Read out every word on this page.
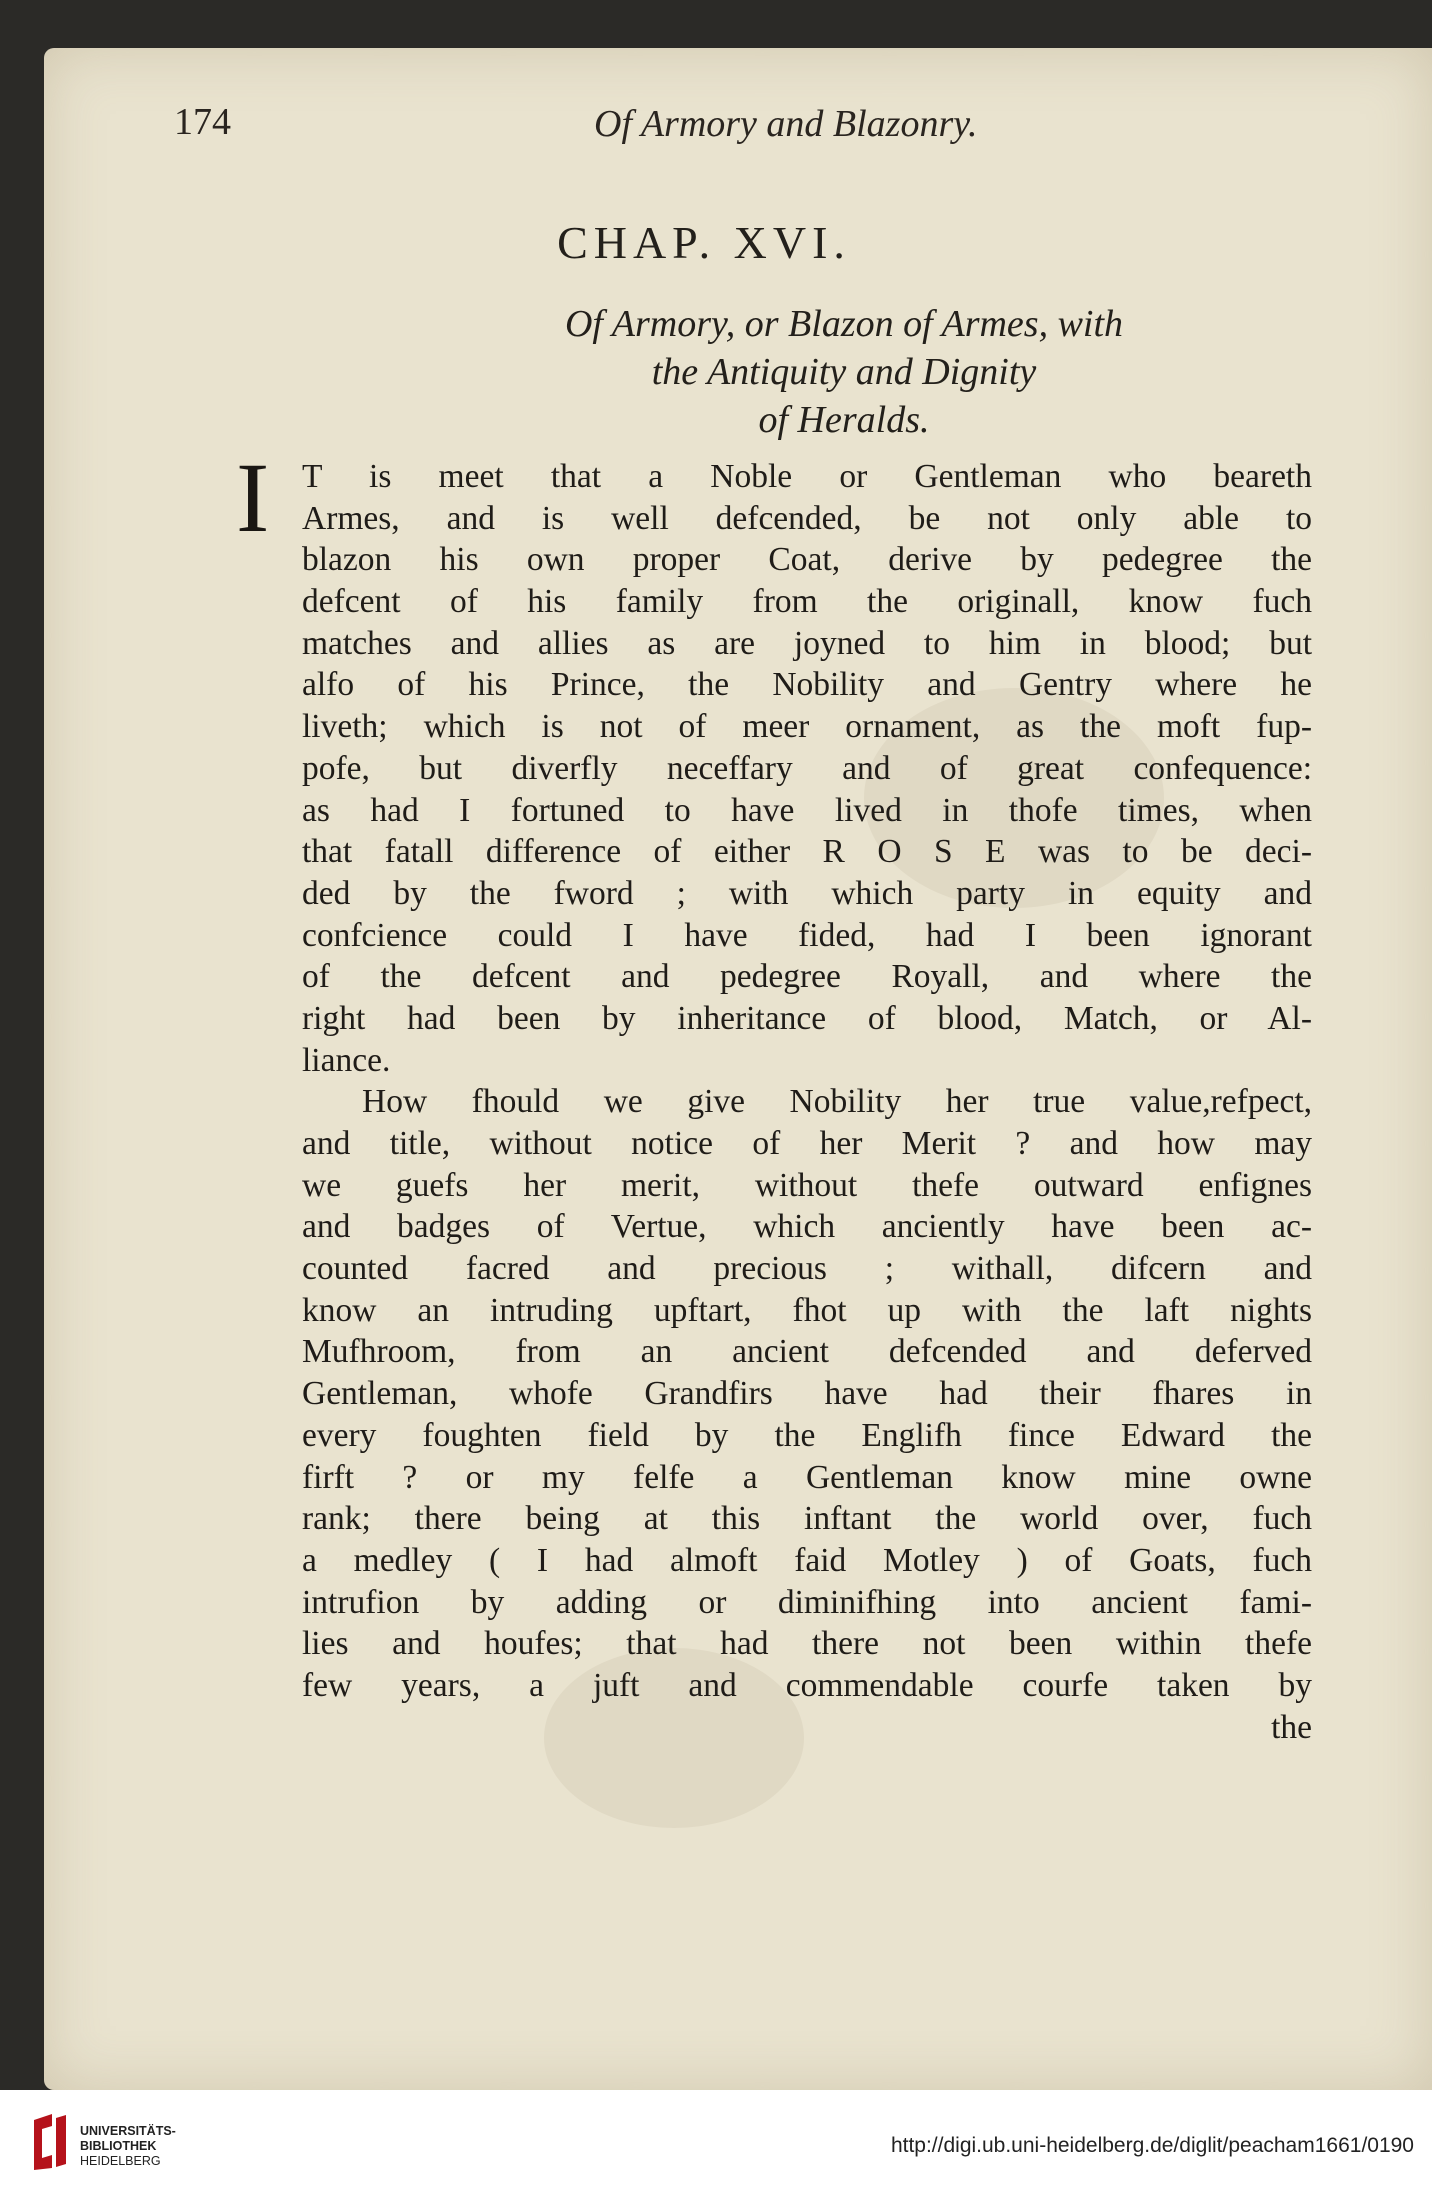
174	Of Armory and Blazonry.
CHAP. XVI.
Of Armory, or Blazon of Armes, with
the Antiquity and Dignity
of Heralds.
I T is meet that a Noble or Gentleman who beareth
Armes, and is well defcended, be not only able to
blazon his own proper Coat, derive by pedegree the
defcent of his family from the originall, know fuch
matches and allies as are joyned to him in blood; but
alfo of his Prince, the Nobility and Gentry where he
liveth; which is not of meer ornament, as the moft fup-
pofe, but diverfly neceffary and of great confequence:
as had I fortuned to have lived in thofe times, when
that fatall difference of either R O S E was to be deci-
ded by the fword ; with which party in equity and
confcience could I have fided, had I been ignorant
of the defcent and pedegree Royall, and where the
right had been by inheritance of blood, Match, or Al-
liance.
How fhould we give Nobility her true value,refpect,
and title, without notice of her Merit ? and how may
we guefs her merit, without thefe outward enfignes
and badges of Vertue, which anciently have been ac-
counted facred and precious ; withall, difcern and
know an intruding upftart, fhot up with the laft nights
Mufhroom, from an ancient defcended and deferved
Gentleman, whofe Grandfirs have had their fhares in
every foughten field by the Englifh fince Edward the
firft ? or my felfe a Gentleman know mine owne
rank; there being at this inftant the world over, fuch
a medley ( I had almoft faid Motley ) of Goats, fuch
intrufion by adding or diminifhing into ancient fami-
lies and houfes; that had there not been within thefe
few years, a juft and commendable courfe taken by
the
UNIVERSITÄTS-
BIBLIOTHEK
HEIDELBERG
http://digi.ub.uni-heidelberg.de/diglit/peacham1661/0190
